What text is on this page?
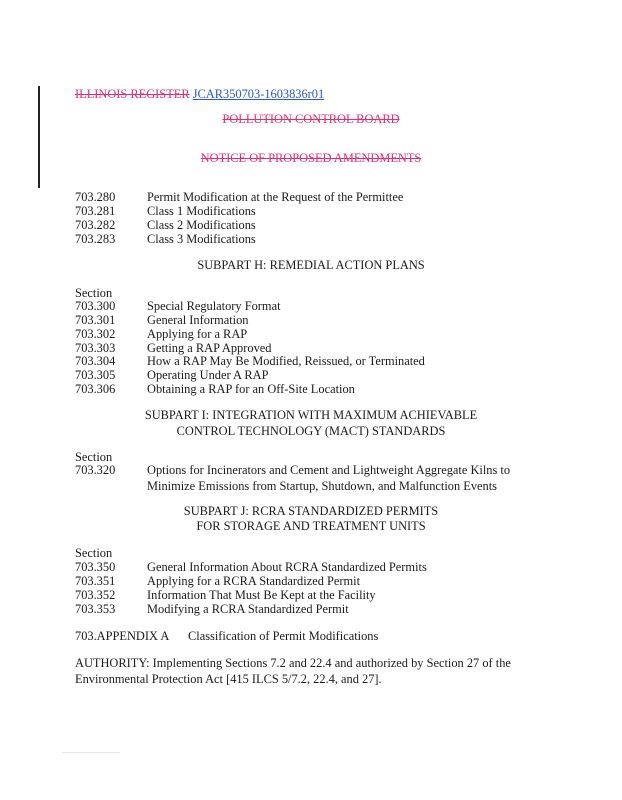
ILLINOIS REGISTER JCAR350703-1603836r01
POLLUTION CONTROL BOARD
NOTICE OF PROPOSED AMENDMENTS
703.280	Permit Modification at the Request of the Permittee
703.281	Class 1 Modifications
703.282	Class 2 Modifications
703.283	Class 3 Modifications
SUBPART H: REMEDIAL ACTION PLANS
Section
703.300	Special Regulatory Format
703.301	General Information
703.302	Applying for a RAP
703.303	Getting a RAP Approved
703.304	How a RAP May Be Modified, Reissued, or Terminated
703.305	Operating Under A RAP
703.306	Obtaining a RAP for an Off-Site Location
SUBPART I: INTEGRATION WITH MAXIMUM ACHIEVABLE
CONTROL TECHNOLOGY (MACT) STANDARDS
Section
703.320	Options for Incinerators and Cement and Lightweight Aggregate Kilns to
Minimize Emissions from Startup, Shutdown, and Malfunction Events
SUBPART J: RCRA STANDARDIZED PERMITS
FOR STORAGE AND TREATMENT UNITS
Section
703.350	General Information About RCRA Standardized Permits
703.351	Applying for a RCRA Standardized Permit
703.352	Information That Must Be Kept at the Facility
703.353	Modifying a RCRA Standardized Permit
703.APPENDIX A Classification of Permit Modifications
AUTHORITY: Implementing Sections 7.2 and 22.4 and authorized by Section 27 of the Environmental Protection Act [415 ILCS 5/7.2, 22.4, and 27].
